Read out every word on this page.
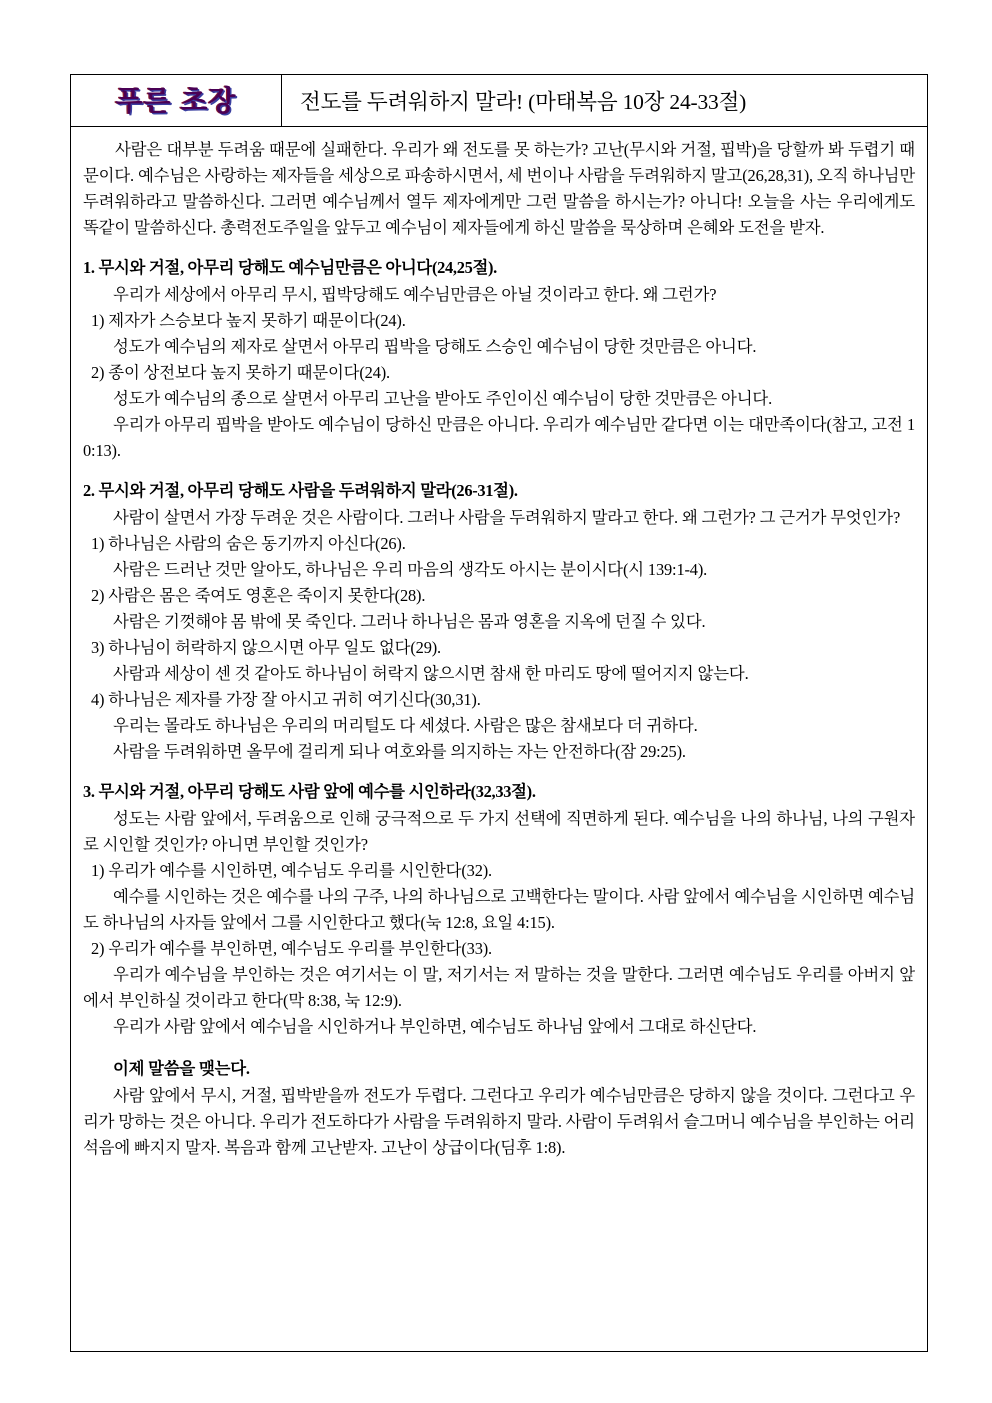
푸른 초장	전도를 두려워하지 말라! (마태복음 10장 24-33절)

사람은 대부분 두려움 때문에 실패한다. 우리가 왜 전도를 못 하는가? 고난(무시와 거절, 핍박)을 당할까 봐 두렵기 때문이다. 예수님은 사랑하는 제자들을 세상으로 파송하시면서, 세 번이나 사람을 두려워하지 말고(26,28,31), 오직 하나님만 두려워하라고 말씀하신다. 그러면 예수님께서 열두 제자에게만 그런 말씀을 하시는가? 아니다! 오늘을 사는 우리에게도 똑같이 말씀하신다. 총력전도주일을 앞두고 예수님이 제자들에게 하신 말씀을 묵상하며 은혜와 도전을 받자.

1. 무시와 거절, 아무리 당해도 예수님만큼은 아니다(24,25절).

우리가 세상에서 아무리 무시, 핍박당해도 예수님만큼은 아닐 것이라고 한다. 왜 그런가?

1) 제자가 스승보다 높지 못하기 때문이다(24).

성도가 예수님의 제자로 살면서 아무리 핍박을 당해도 스승인 예수님이 당한 것만큼은 아니다.

2) 종이 상전보다 높지 못하기 때문이다(24).

성도가 예수님의 종으로 살면서 아무리 고난을 받아도 주인이신 예수님이 당한 것만큼은 아니다.

우리가 아무리 핍박을 받아도 예수님이 당하신 만큼은 아니다. 우리가 예수님만 같다면 이는 대만족이다(참고, 고전 10:13).

2. 무시와 거절, 아무리 당해도 사람을 두려워하지 말라(26-31절).

사람이 살면서 가장 두려운 것은 사람이다. 그러나 사람을 두려워하지 말라고 한다. 왜 그런가? 그 근거가 무엇인가?

1) 하나님은 사람의 숨은 동기까지 아신다(26).

사람은 드러난 것만 알아도, 하나님은 우리 마음의 생각도 아시는 분이시다(시 139:1-4).

2) 사람은 몸은 죽여도 영혼은 죽이지 못한다(28).

사람은 기껏해야 몸 밖에 못 죽인다. 그러나 하나님은 몸과 영혼을 지옥에 던질 수 있다.

3) 하나님이 허락하지 않으시면 아무 일도 없다(29).

사람과 세상이 센 것 같아도 하나님이 허락지 않으시면 참새 한 마리도 땅에 떨어지지 않는다.

4) 하나님은 제자를 가장 잘 아시고 귀히 여기신다(30,31).

우리는 몰라도 하나님은 우리의 머리털도 다 세셨다. 사람은 많은 참새보다 더 귀하다.

사람을 두려워하면 올무에 걸리게 되나 여호와를 의지하는 자는 안전하다(잠 29:25).

3. 무시와 거절, 아무리 당해도 사람 앞에 예수를 시인하라(32,33절).

성도는 사람 앞에서, 두려움으로 인해 궁극적으로 두 가지 선택에 직면하게 된다. 예수님을 나의 하나님, 나의 구원자로 시인할 것인가? 아니면 부인할 것인가?

1) 우리가 예수를 시인하면, 예수님도 우리를 시인한다(32).

예수를 시인하는 것은 예수를 나의 구주, 나의 하나님으로 고백한다는 말이다. 사람 앞에서 예수님을 시인하면 예수님도 하나님의 사자들 앞에서 그를 시인한다고 했다(눅 12:8, 요일 4:15).

2) 우리가 예수를 부인하면, 예수님도 우리를 부인한다(33).

우리가 예수님을 부인하는 것은 여기서는 이 말, 저기서는 저 말하는 것을 말한다. 그러면 예수님도 우리를 아버지 앞에서 부인하실 것이라고 한다(막 8:38, 눅 12:9).

우리가 사람 앞에서 예수님을 시인하거나 부인하면, 예수님도 하나님 앞에서 그대로 하신단다.

이제 말씀을 맺는다.

사람 앞에서 무시, 거절, 핍박받을까 전도가 두렵다. 그런다고 우리가 예수님만큼은 당하지 않을 것이다. 그런다고 우리가 망하는 것은 아니다. 우리가 전도하다가 사람을 두려워하지 말라. 사람이 두려워서 슬그머니 예수님을 부인하는 어리석음에 빠지지 말자. 복음과 함께 고난받자. 고난이 상급이다(딤후 1:8).
